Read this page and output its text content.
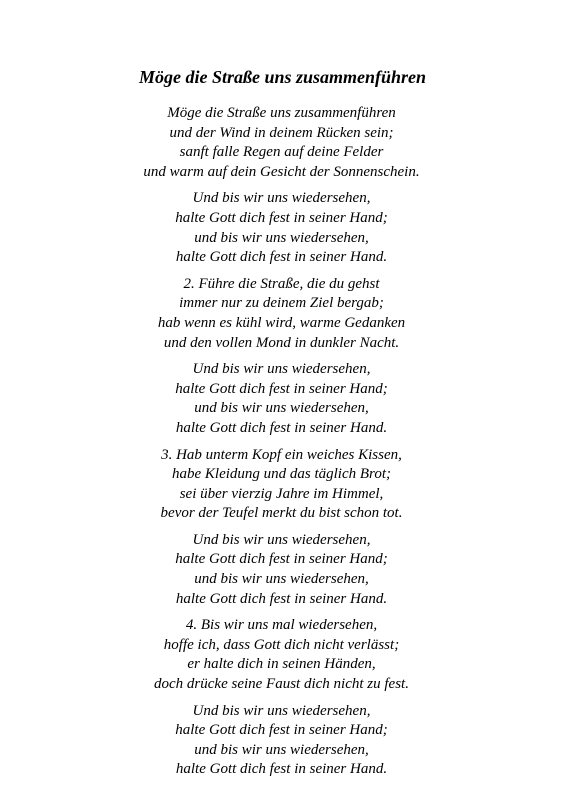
Möge die Straße uns zusammenführen
Möge die Straße uns zusammenführen
und der Wind in deinem Rücken sein;
sanft falle Regen auf deine Felder
und warm auf dein Gesicht der Sonnenschein.
Und bis wir uns wiedersehen,
halte Gott dich fest in seiner Hand;
und bis wir uns wiedersehen,
halte Gott dich fest in seiner Hand.
2. Führe die Straße, die du gehst
immer nur zu deinem Ziel bergab;
hab wenn es kühl wird, warme Gedanken
und den vollen Mond in dunkler Nacht.
Und bis wir uns wiedersehen,
halte Gott dich fest in seiner Hand;
und bis wir uns wiedersehen,
halte Gott dich fest in seiner Hand.
3. Hab unterm Kopf ein weiches Kissen,
habe Kleidung und das täglich Brot;
sei über vierzig Jahre im Himmel,
bevor der Teufel merkt du bist schon tot.
Und bis wir uns wiedersehen,
halte Gott dich fest in seiner Hand;
und bis wir uns wiedersehen,
halte Gott dich fest in seiner Hand.
4. Bis wir uns mal wiedersehen,
hoffe ich, dass Gott dich nicht verlässt;
er halte dich in seinen Händen,
doch drücke seine Faust dich nicht zu fest.
Und bis wir uns wiedersehen,
halte Gott dich fest in seiner Hand;
und bis wir uns wiedersehen,
halte Gott dich fest in seiner Hand.
